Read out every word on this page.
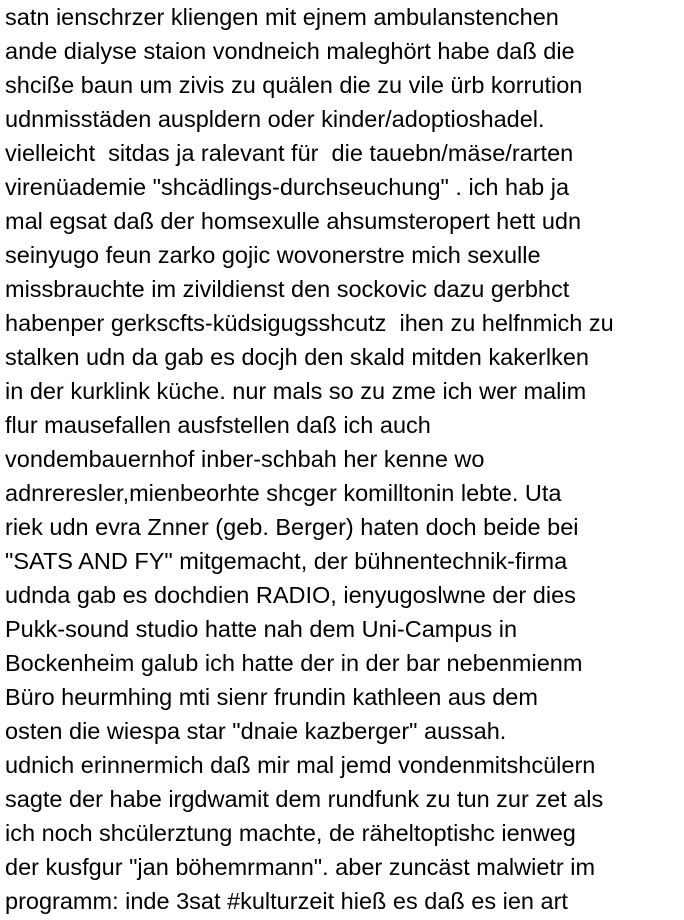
satn ienschrzer kliengen mit ejnem ambulanstenchen
ande dialyse staion vondneich maleghört habe daß die
shciße baun um zivis zu quälen die zu vile ürb korrution
udnmisstäden auspldern oder kinder/adoptioshadel.
vielleicht  sitdas ja ralevant für  die tauebn/mäse/rarten
virenüademie "shcädlings-durchseuchung" . ich hab ja
mal egsat daß der homsexulle ahsumsteropert hett udn
seinyugo feun zarko gojic wovonerstre mich sexulle
missbrauchte im zivildienst den sockovic dazu gerbhct
habenper gerkscfts-küdsigugsshcutz  ihen zu helfnmich zu
stalken udn da gab es docjh den skald mitden kakerlken
in der kurklink küche. nur mals so zu zme ich wer malim
flur mausefallen ausfstellen daß ich auch
vondembauernhof inber-schbah her kenne wo
adnreresler,mienbeorhte shcger komilltonin lebte. Uta
riek udn evra Znner (geb. Berger) haten doch beide bei
"SATS AND FY" mitgemacht, der bühnentechnik-firma
udnda gab es dochdien RADIO, ienyugoslwne der dies
Pukk-sound studio hatte nah dem Uni-Campus in
Bockenheim galub ich hatte der in der bar nebenmienm
Büro heurmhing mti sienr frundin kathleen aus dem
osten die wiespa star "dnaie kazberger" aussah.
udnich erinnermich daß mir mal jemd vondenmitshcülern
sagte der habe irgdwamit dem rundfunk zu tun zur zet als
ich noch shcülerztung machte, de räheltoptishc ienweg
der kusfgur "jan böhemrmann". aber zuncäst malwietr im
programm: inde 3sat #kulturzeit hieß es daß es ien art
